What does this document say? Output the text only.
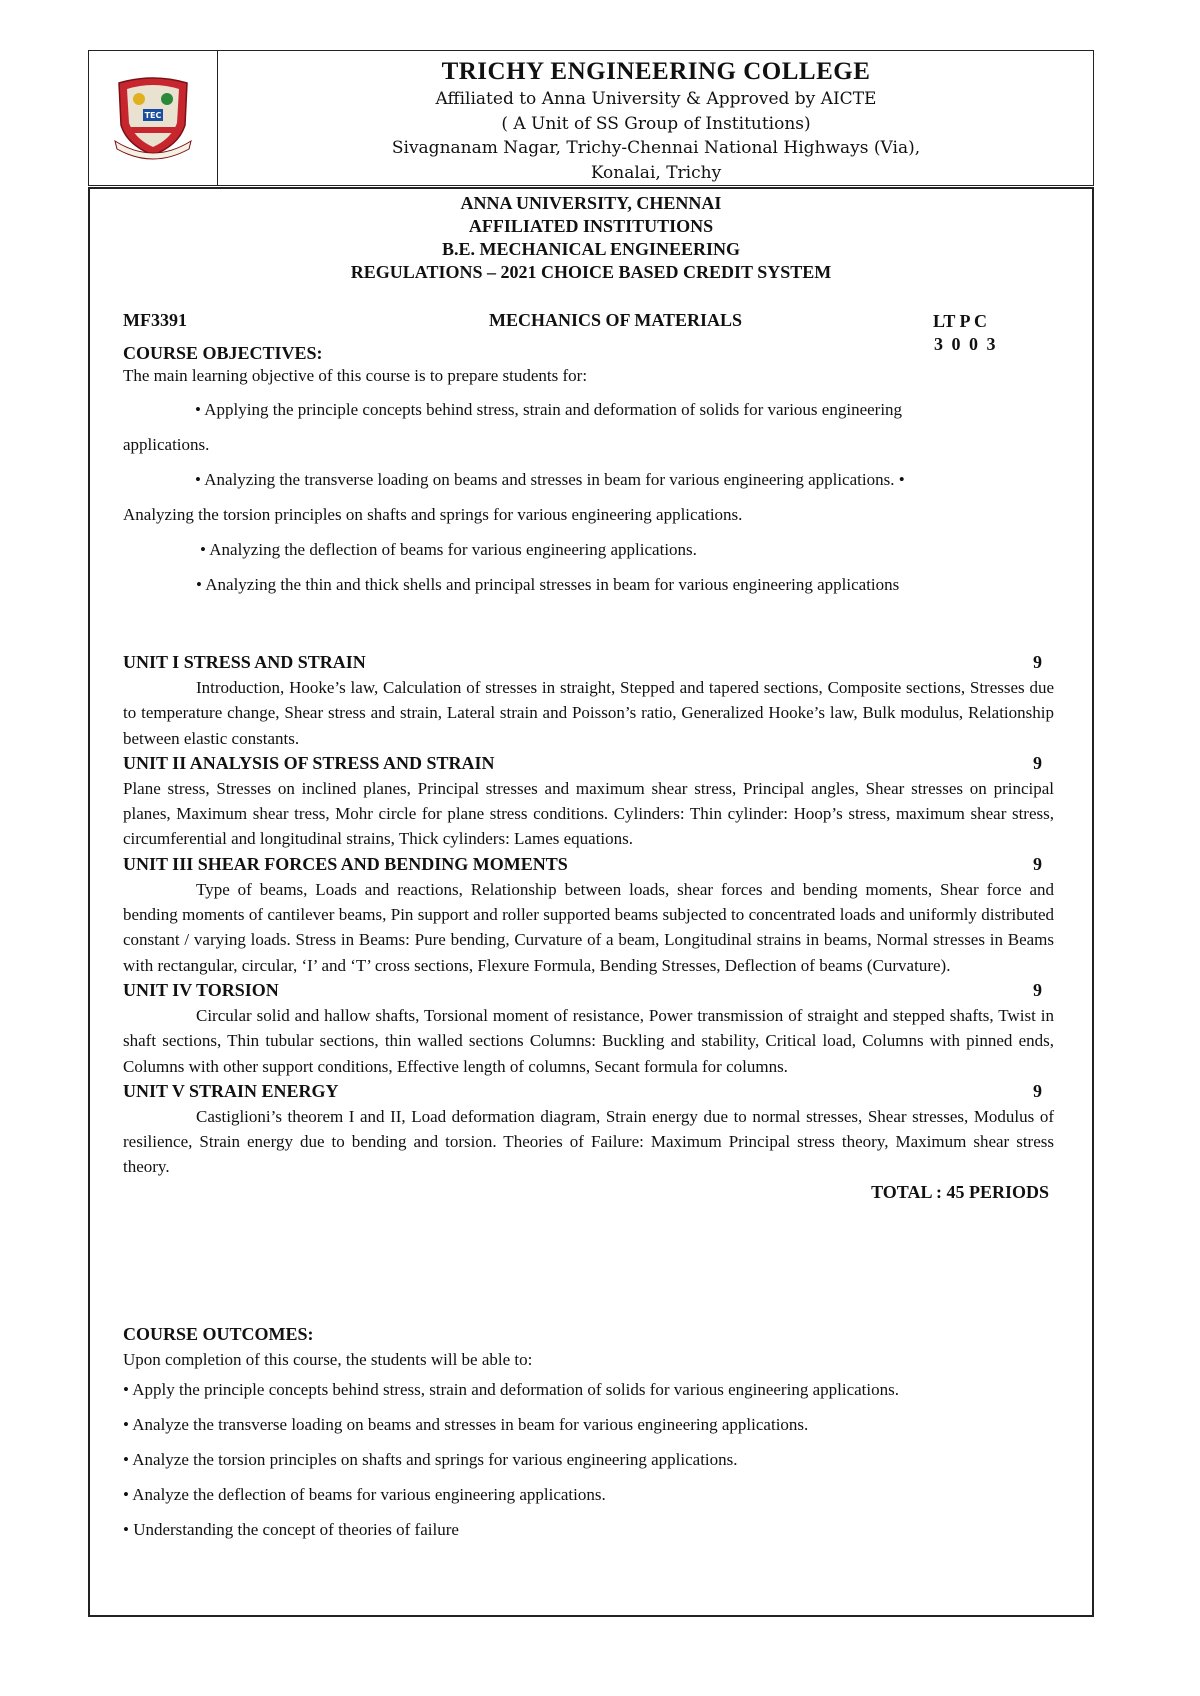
TEC
TRICHY ENGINEERING COLLEGE
Affiliated to Anna University & Approved by AICTE
( A Unit of SS Group of Institutions)
Sivagnanam Nagar, Trichy-Chennai National Highways (Via),
Konalai, Trichy
ANNA UNIVERSITY, CHENNAI
AFFILIATED INSTITUTIONS
B.E. MECHANICAL ENGINEERING
REGULATIONS – 2021 CHOICE BASED CREDIT SYSTEM
MF3391	MECHANICS OF MATERIALS	LT P C
3 0 0 3
COURSE OBJECTIVES:
The main learning objective of this course is to prepare students for:
• Applying the principle concepts behind stress, strain and deformation of solids for various engineering
applications.
• Analyzing the transverse loading on beams and stresses in beam for various engineering applications. •
Analyzing the torsion principles on shafts and springs for various engineering applications.
• Analyzing the deflection of beams for various engineering applications.
• Analyzing the thin and thick shells and principal stresses in beam for various engineering applications
UNIT I STRESS AND STRAIN	9
Introduction, Hooke’s law, Calculation of stresses in straight, Stepped and tapered sections, Composite sections, Stresses due to temperature change, Shear stress and strain, Lateral strain and Poisson’s ratio, Generalized Hooke’s law, Bulk modulus, Relationship between elastic constants.
UNIT II ANALYSIS OF STRESS AND STRAIN	9
Plane stress, Stresses on inclined planes, Principal stresses and maximum shear stress, Principal angles, Shear stresses on principal planes, Maximum shear tress, Mohr circle for plane stress conditions. Cylinders: Thin cylinder: Hoop’s stress, maximum shear stress, circumferential and longitudinal strains, Thick cylinders: Lames equations.
UNIT III SHEAR FORCES AND BENDING MOMENTS	9
Type of beams, Loads and reactions, Relationship between loads, shear forces and bending moments, Shear force and bending moments of cantilever beams, Pin support and roller supported beams subjected to concentrated loads and uniformly distributed constant / varying loads. Stress in Beams: Pure bending, Curvature of a beam, Longitudinal strains in beams, Normal stresses in Beams with rectangular, circular, ‘I’ and ‘T’ cross sections, Flexure Formula, Bending Stresses, Deflection of beams (Curvature).
UNIT IV TORSION	9
Circular solid and hallow shafts, Torsional moment of resistance, Power transmission of straight and stepped shafts, Twist in shaft sections, Thin tubular sections, thin walled sections Columns: Buckling and stability, Critical load, Columns with pinned ends, Columns with other support conditions, Effective length of columns, Secant formula for columns.
UNIT V STRAIN ENERGY	9
Castiglioni’s theorem I and II, Load deformation diagram, Strain energy due to normal stresses, Shear stresses, Modulus of resilience, Strain energy due to bending and torsion. Theories of Failure: Maximum Principal stress theory, Maximum shear stress theory.
TOTAL : 45 PERIODS
COURSE OUTCOMES:
Upon completion of this course, the students will be able to:
• Apply the principle concepts behind stress, strain and deformation of solids for various engineering applications.
• Analyze the transverse loading on beams and stresses in beam for various engineering applications.
• Analyze the torsion principles on shafts and springs for various engineering applications.
• Analyze the deflection of beams for various engineering applications.
• Understanding the concept of theories of failure
